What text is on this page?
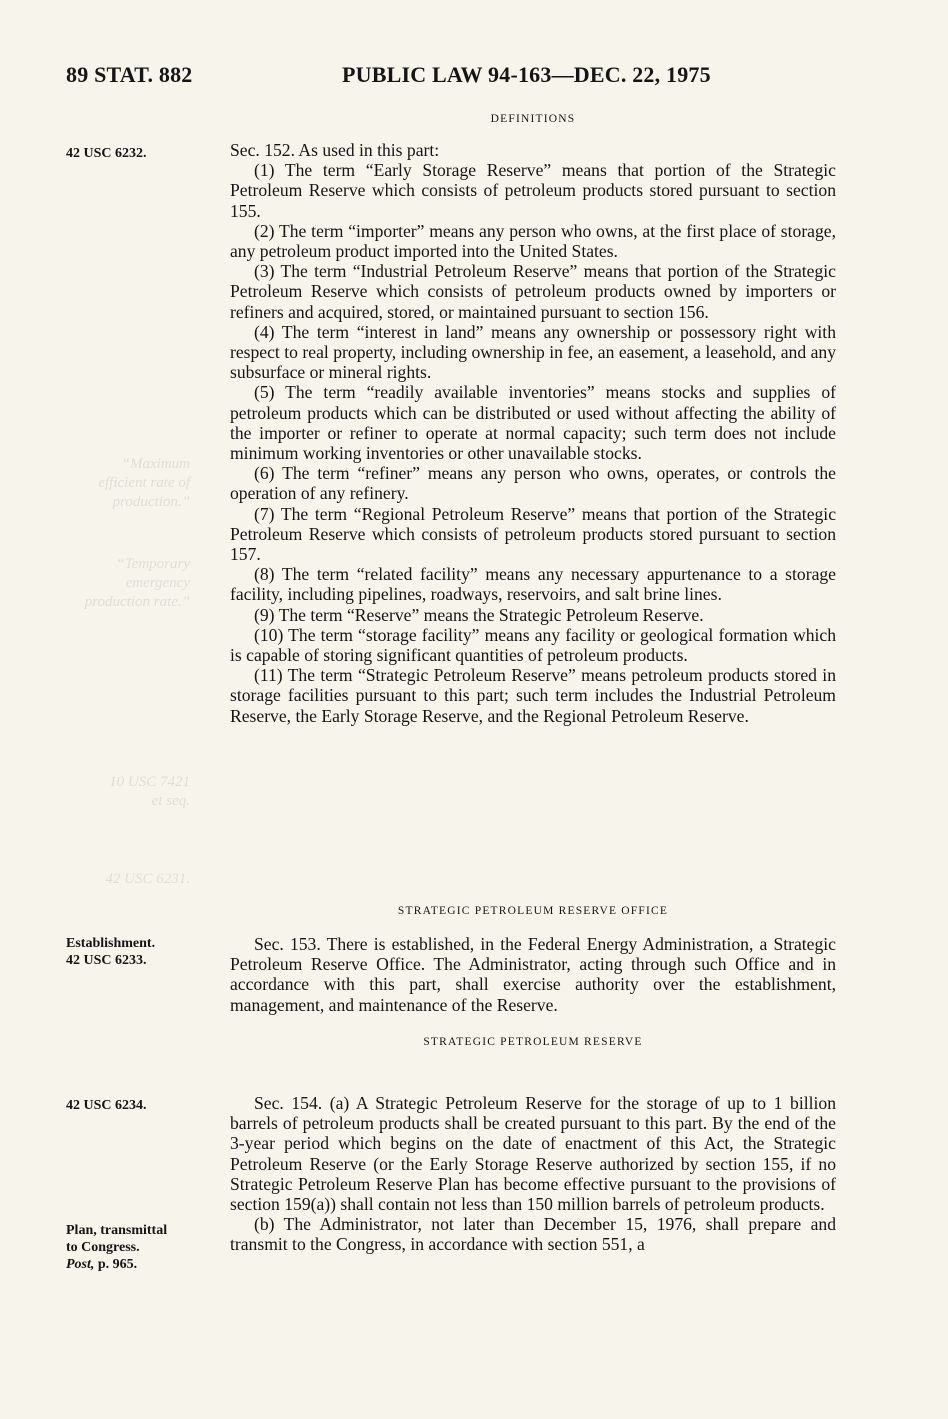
“Maximum
efficient rate of
production.”
“Temporary
emergency
production rate.”
10 USC 7421
et seq.
42 USC 6231.
89 STAT. 882	PUBLIC LAW 94-163—DEC. 22, 1975
42 USC 6232.
Establishment.
42 USC 6233.
42 USC 6234.
Plan, transmittal
to Congress.
Post, p. 965.
DEFINITIONS

Sec. 152. As used in this part:

(1) The term “Early Storage Reserve” means that portion of the Strategic Petroleum Reserve which consists of petroleum products stored pursuant to section 155.

(2) The term “importer” means any person who owns, at the first place of storage, any petroleum product imported into the United States.

(3) The term “Industrial Petroleum Reserve” means that portion of the Strategic Petroleum Reserve which consists of petroleum products owned by importers or refiners and acquired, stored, or maintained pursuant to section 156.

(4) The term “interest in land” means any ownership or possessory right with respect to real property, including ownership in fee, an easement, a leasehold, and any subsurface or mineral rights.

(5) The term “readily available inventories” means stocks and supplies of petroleum products which can be distributed or used without affecting the ability of the importer or refiner to operate at normal capacity; such term does not include minimum working inventories or other unavailable stocks.

(6) The term “refiner” means any person who owns, operates, or controls the operation of any refinery.

(7) The term “Regional Petroleum Reserve” means that portion of the Strategic Petroleum Reserve which consists of petroleum products stored pursuant to section 157.

(8) The term “related facility” means any necessary appurtenance to a storage facility, including pipelines, roadways, reservoirs, and salt brine lines.

(9) The term “Reserve” means the Strategic Petroleum Reserve.

(10) The term “storage facility” means any facility or geological formation which is capable of storing significant quantities of petroleum products.

(11) The term “Strategic Petroleum Reserve” means petroleum products stored in storage facilities pursuant to this part; such term includes the Industrial Petroleum Reserve, the Early Storage Reserve, and the Regional Petroleum Reserve.

STRATEGIC PETROLEUM RESERVE OFFICE

Sec. 153. There is established, in the Federal Energy Administration, a Strategic Petroleum Reserve Office. The Administrator, acting through such Office and in accordance with this part, shall exercise authority over the establishment, management, and maintenance of the Reserve.

STRATEGIC PETROLEUM RESERVE

Sec. 154. (a) A Strategic Petroleum Reserve for the storage of up to 1 billion barrels of petroleum products shall be created pursuant to this part. By the end of the 3-year period which begins on the date of enactment of this Act, the Strategic Petroleum Reserve (or the Early Storage Reserve authorized by section 155, if no Strategic Petroleum Reserve Plan has become effective pursuant to the provisions of section 159(a)) shall contain not less than 150 million barrels of petroleum products.

(b) The Administrator, not later than December 15, 1976, shall prepare and transmit to the Congress, in accordance with section 551, a
